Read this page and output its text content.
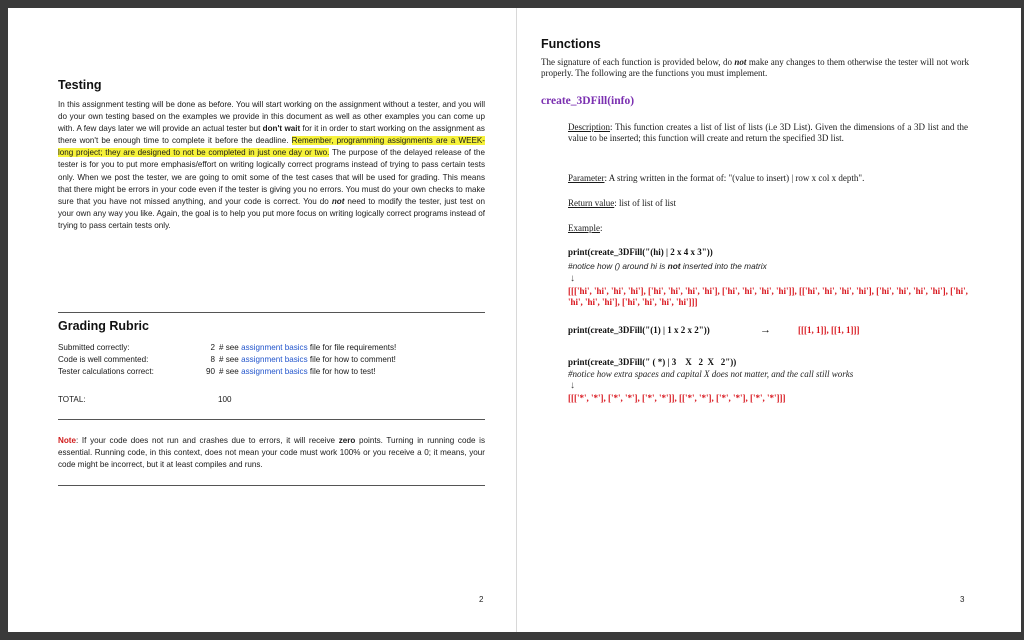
Testing
In this assignment testing will be done as before. You will start working on the assignment without a tester, and you will do your own testing based on the examples we provide in this document as well as other examples you can come up with. A few days later we will provide an actual tester but don't wait for it in order to start working on the assignment as there won't be enough time to complete it before the deadline. Remember, programming assignments are a WEEK-long project; they are designed to not be completed in just one day or two. The purpose of the delayed release of the tester is for you to put more emphasis/effort on writing logically correct programs instead of trying to pass certain tests only. When we post the tester, we are going to omit some of the test cases that will be used for grading. This means that there might be errors in your code even if the tester is giving you no errors. You must do your own checks to make sure that you have not missed anything, and your code is correct. You do not need to modify the tester, just test on your own any way you like. Again, the goal is to help you put more focus on writing logically correct programs instead of trying to pass certain tests only.
Grading Rubric
Submitted correctly:	2 # see assignment basics file for file requirements!
Code is well commented:	8 # see assignment basics file for how to comment!
Tester calculations correct:	90 # see assignment basics file for how to test!
TOTAL:	100
Note: If your code does not run and crashes due to errors, it will receive zero points. Turning in running code is essential. Running code, in this context, does not mean your code must work 100% or you receive a 0; it means, your code might be incorrect, but it at least compiles and runs.
2
Functions
The signature of each function is provided below, do not make any changes to them otherwise the tester will not work properly. The following are the functions you must implement.
create_3DFill(info)
Description: This function creates a list of list of lists (i.e 3D List). Given the dimensions of a 3D list and the value to be inserted; this function will create and return the specified 3D list.
Parameter: A string written in the format of: "(value to insert) | row x col x depth".
Return value: list of list of list
Example:
print(create_3DFill("(hi) | 2 x 4 x 3"))
#notice how () around hi is not inserted into the matrix
↓
[[['hi', 'hi', 'hi', 'hi'], ['hi', 'hi', 'hi', 'hi'], ['hi', 'hi', 'hi', 'hi']], [['hi', 'hi', 'hi', 'hi'], ['hi', 'hi', 'hi', 'hi'], ['hi',
'hi', 'hi', 'hi'], ['hi', 'hi', 'hi', 'hi']]]
print(create_3DFill("(1) | 1 x 2 x 2"))	→	[[[1, 1]], [[1, 1]]]
print(create_3DFill(" ( *) | 3    X   2  X   2"))
#notice how extra spaces and capital X does not matter, and the call still works
↓
[[['*', '*'], ['*', '*'], ['*', '*']], [['*', '*'], ['*', '*'], ['*', '*']]]
3
